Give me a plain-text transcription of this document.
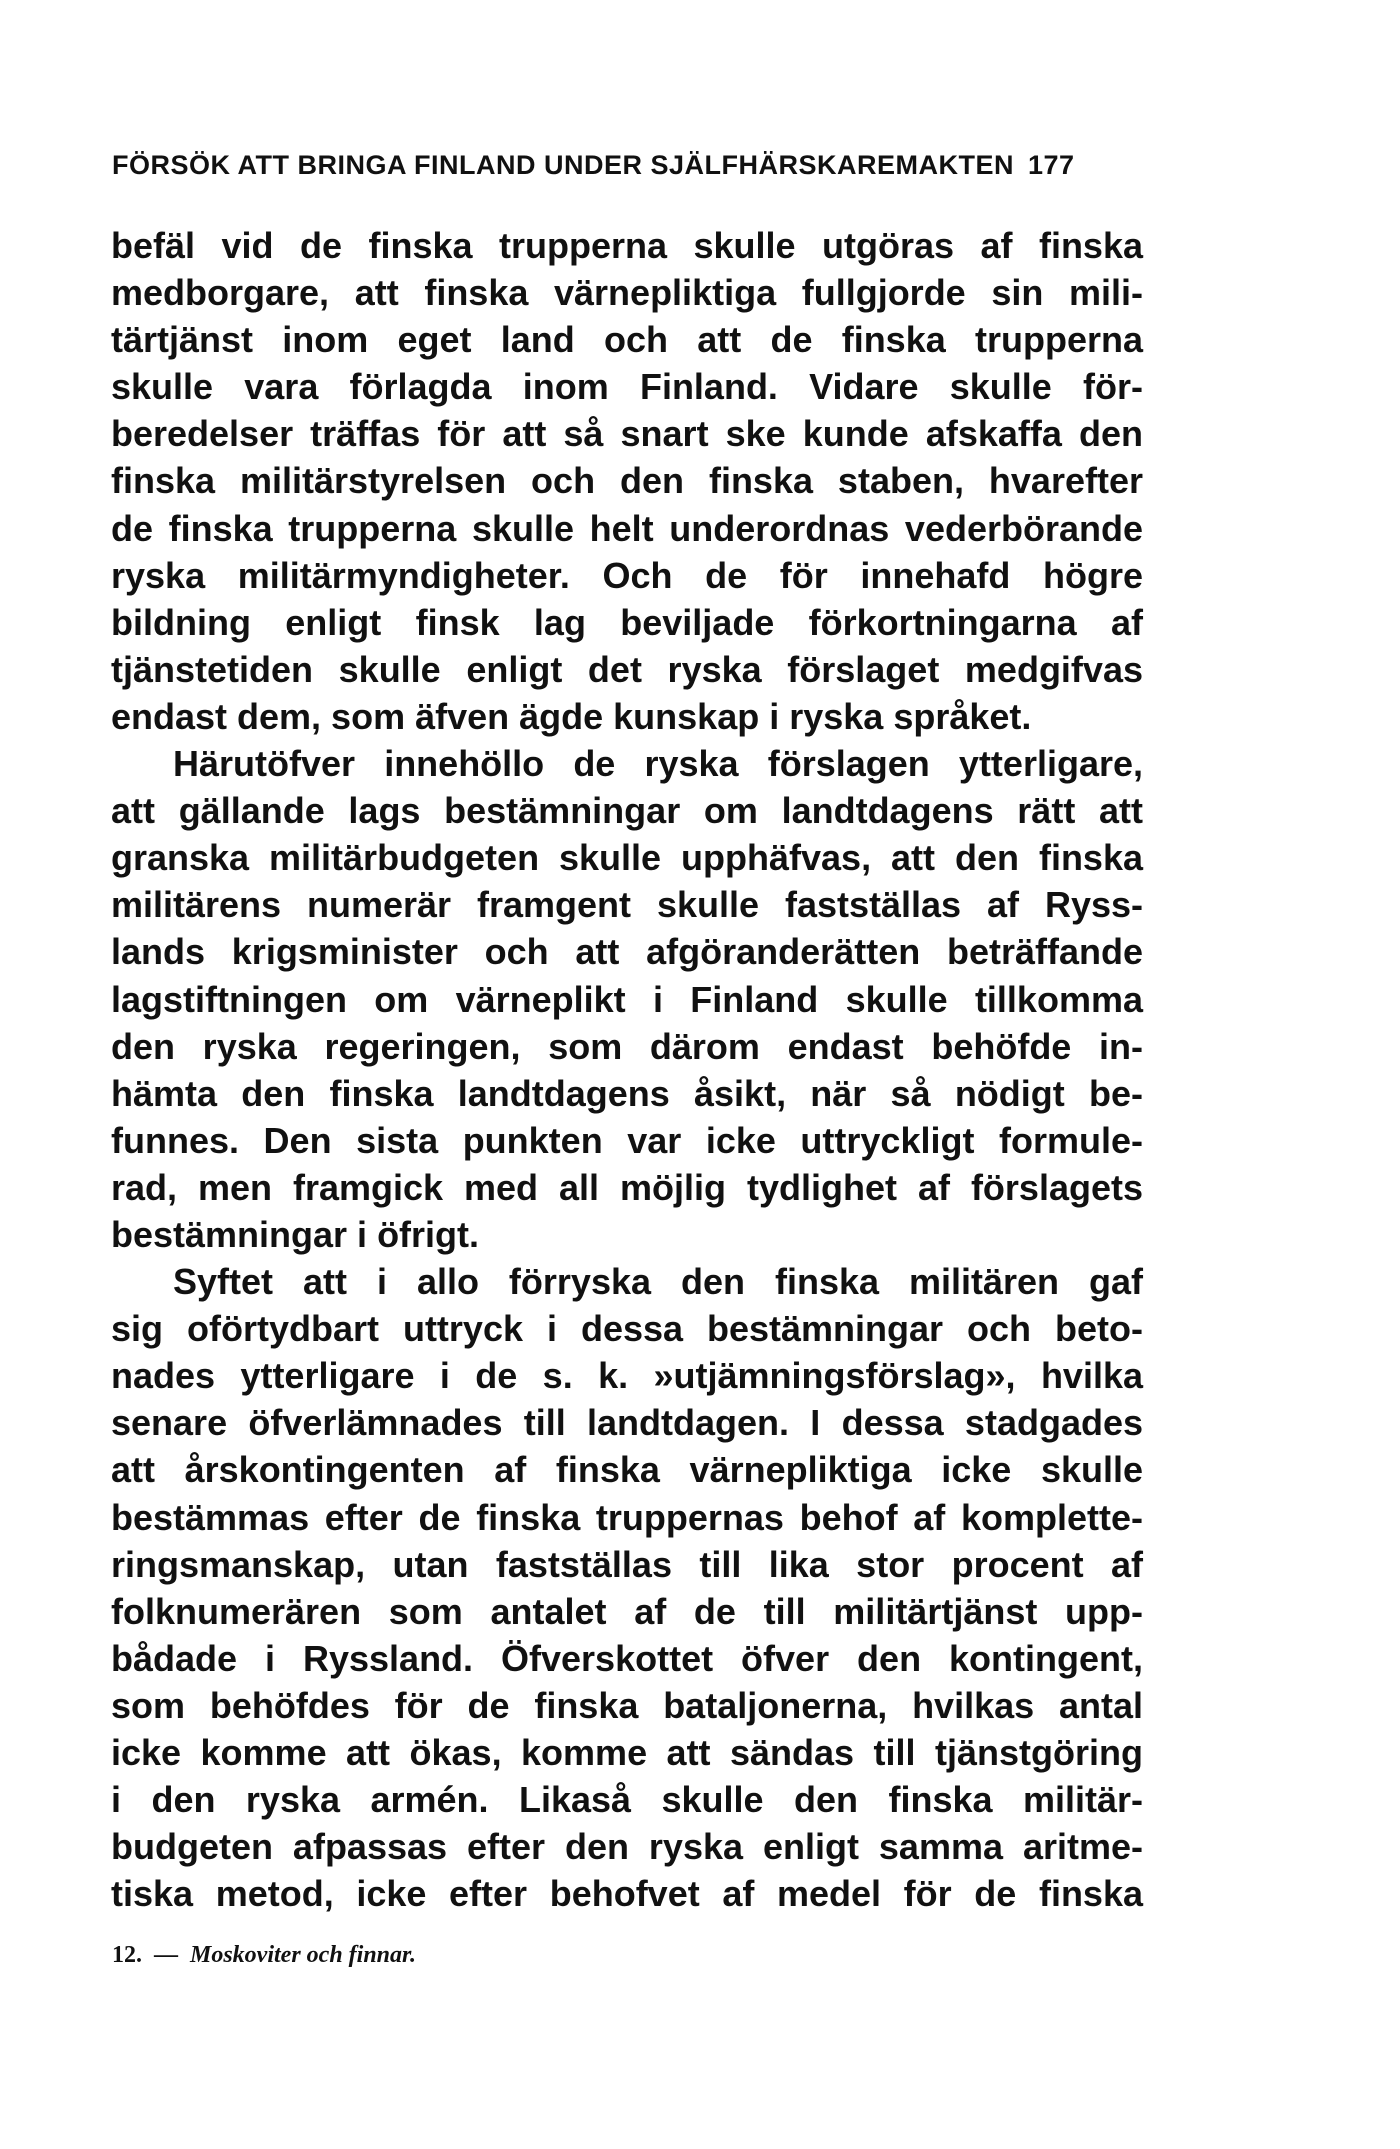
FÖRSÖK ATT BRINGA FINLAND UNDER SJÄLFHÄRSKAREMAKTEN 177
befäl vid de finska trupperna skulle utgöras af finska
medborgare, att finska värnepliktiga fullgjorde sin mili-
tärtjänst inom eget land och att de finska trupperna
skulle vara förlagda inom Finland. Vidare skulle för-
beredelser träffas för att så snart ske kunde afskaffa den
finska militärstyrelsen och den finska staben, hvarefter
de finska trupperna skulle helt underordnas vederbörande
ryska militärmyndigheter. Och de för innehafd högre
bildning enligt finsk lag beviljade förkortningarna af
tjänstetiden skulle enligt det ryska förslaget medgifvas
endast dem, som äfven ägde kunskap i ryska språket.
Härutöfver innehöllo de ryska förslagen ytterligare,
att gällande lags bestämningar om landtdagens rätt att
granska militärbudgeten skulle upphäfvas, att den finska
militärens numerär framgent skulle fastställas af Ryss-
lands krigsminister och att afgöranderätten beträffande
lagstiftningen om värneplikt i Finland skulle tillkomma
den ryska regeringen, som därom endast behöfde in-
hämta den finska landtdagens åsikt, när så nödigt be-
funnes. Den sista punkten var icke uttryckligt formule-
rad, men framgick med all möjlig tydlighet af förslagets
bestämningar i öfrigt.
Syftet att i allo förryska den finska militären gaf
sig oförtydbart uttryck i dessa bestämningar och beto-
nades ytterligare i de s. k. »utjämningsförslag», hvilka
senare öfverlämnades till landtdagen. I dessa stadgades
att årskontingenten af finska värnepliktiga icke skulle
bestämmas efter de finska truppernas behof af komplette-
ringsmanskap, utan fastställas till lika stor procent af
folknumerären som antalet af de till militärtjänst upp-
bådade i Ryssland. Öfverskottet öfver den kontingent,
som behöfdes för de finska bataljonerna, hvilkas antal
icke komme att ökas, komme att sändas till tjänstgöring
i den ryska armén. Likaså skulle den finska militär-
budgeten afpassas efter den ryska enligt samma aritme-
tiska metod, icke efter behofvet af medel för de finska
12. — Moskoviter och finnar.
